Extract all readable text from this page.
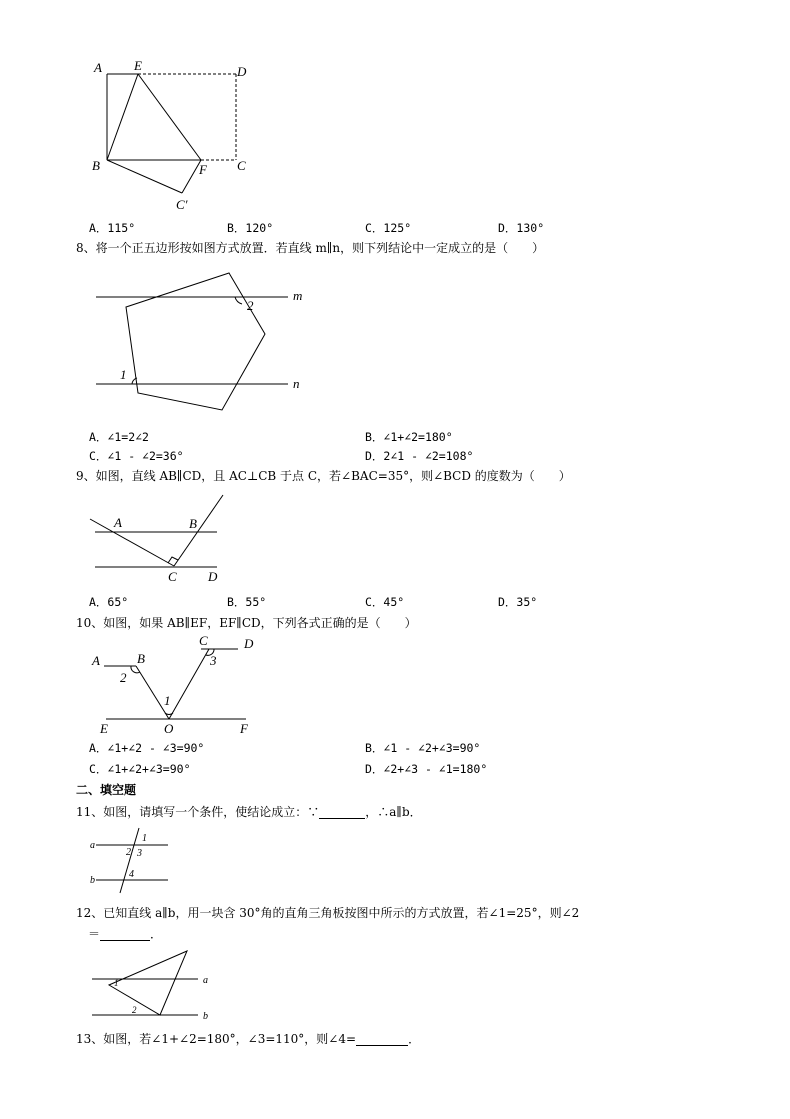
A E	D
B	F C
C′
A．115°	B．120°	C．125°	D．130°
8、将一个正五边形按如图方式放置．若直线 m∥n，则下列结论中一定成立的是（　　）
m
n
2
1
A．∠1=2∠2	B．∠1+∠2=180°
C．∠1 - ∠2=36°	D．2∠1 - ∠2=108°
9、如图，直线 AB∥CD，且 AC⊥CB 于点 C，若∠BAC=35°，则∠BCD 的度数为（　　）
A	B
C D
A．65°	B．55°	C．45°	D．35°
10、如图，如果 AB∥EF，EF∥CD，下列各式正确的是（　　）
A	B
C	D
E	O	F
2
1
3
A．∠1+∠2 - ∠3=90°	B．∠1 - ∠2+∠3=90°
C．∠1+∠2+∠3=90°	D．∠2+∠3 - ∠1=180°
二、填空题
11、如图，请填写一个条件，使结论成立：∵	，∴a∥b．
a
b
1
2 3
4
12、已知直线 a∥b，用一块含 30°角的直角三角板按图中所示的方式放置，若∠1=25°，则∠2
＝	．
a
b
1
2
13、如图，若∠1+∠2=180°，∠3=110°，则∠4=	．
